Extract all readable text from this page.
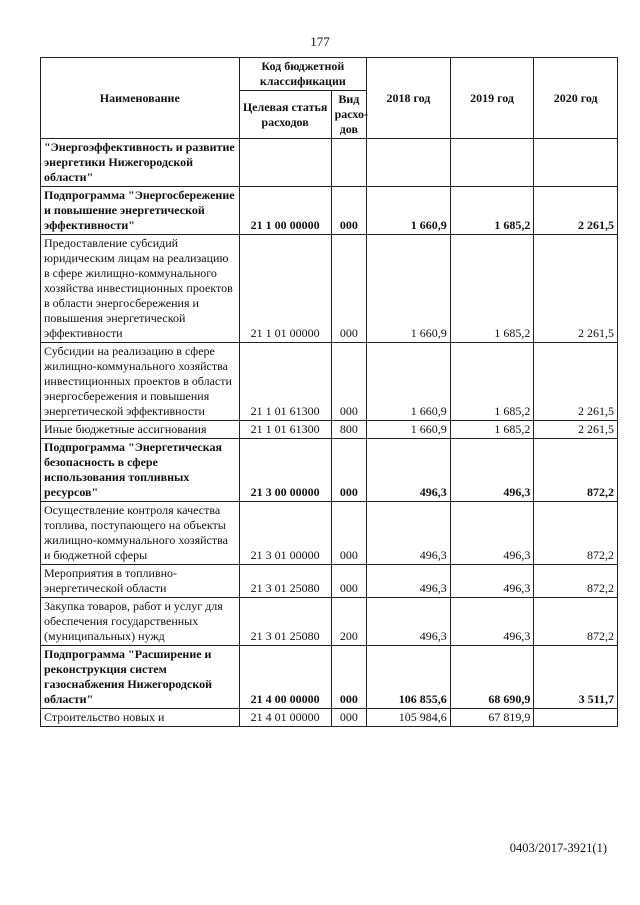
177
Наименование	Код бюджетной классификации		2018 год	2019 год	2020 год
	Целевая статья расходов	Вид расхо-дов			
"Энергоэффективность и развитие энергетики Нижегородской области"					
Подпрограмма "Энергосбережение и повышение энергетической эффективности"	21 1 00 00000	000	1 660,9	1 685,2	2 261,5
Предоставление субсидий юридическим лицам на реализацию в сфере жилищно-коммунального хозяйства инвестиционных проектов в области энергосбережения и повышения энергетической эффективности	21 1 01 00000	000	1 660,9	1 685,2	2 261,5
Субсидии на реализацию в сфере жилищно-коммунального хозяйства инвестиционных проектов в области энергосбережения и повышения энергетической эффективности	21 1 01 61300	000	1 660,9	1 685,2	2 261,5
Иные бюджетные ассигнования	21 1 01 61300	800	1 660,9	1 685,2	2 261,5
Подпрограмма "Энергетическая безопасность в сфере использования топливных ресурсов"	21 3 00 00000	000	496,3	496,3	872,2
Осуществление контроля качества топлива, поступающего на объекты жилищно-коммунального хозяйства и бюджетной сферы	21 3 01 00000	000	496,3	496,3	872,2
Мероприятия в топливно-энергетической области	21 3 01 25080	000	496,3	496,3	872,2
Закупка товаров, работ и услуг для обеспечения государственных (муниципальных) нужд	21 3 01 25080	200	496,3	496,3	872,2
Подпрограмма "Расширение и реконструкция систем газоснабжения Нижегородской области"	21 4 00 00000	000	106 855,6	68 690,9	3 511,7
Строительство новых и	21 4 01 00000	000	105 984,6	67 819,9	
0403/2017-3921(1)
